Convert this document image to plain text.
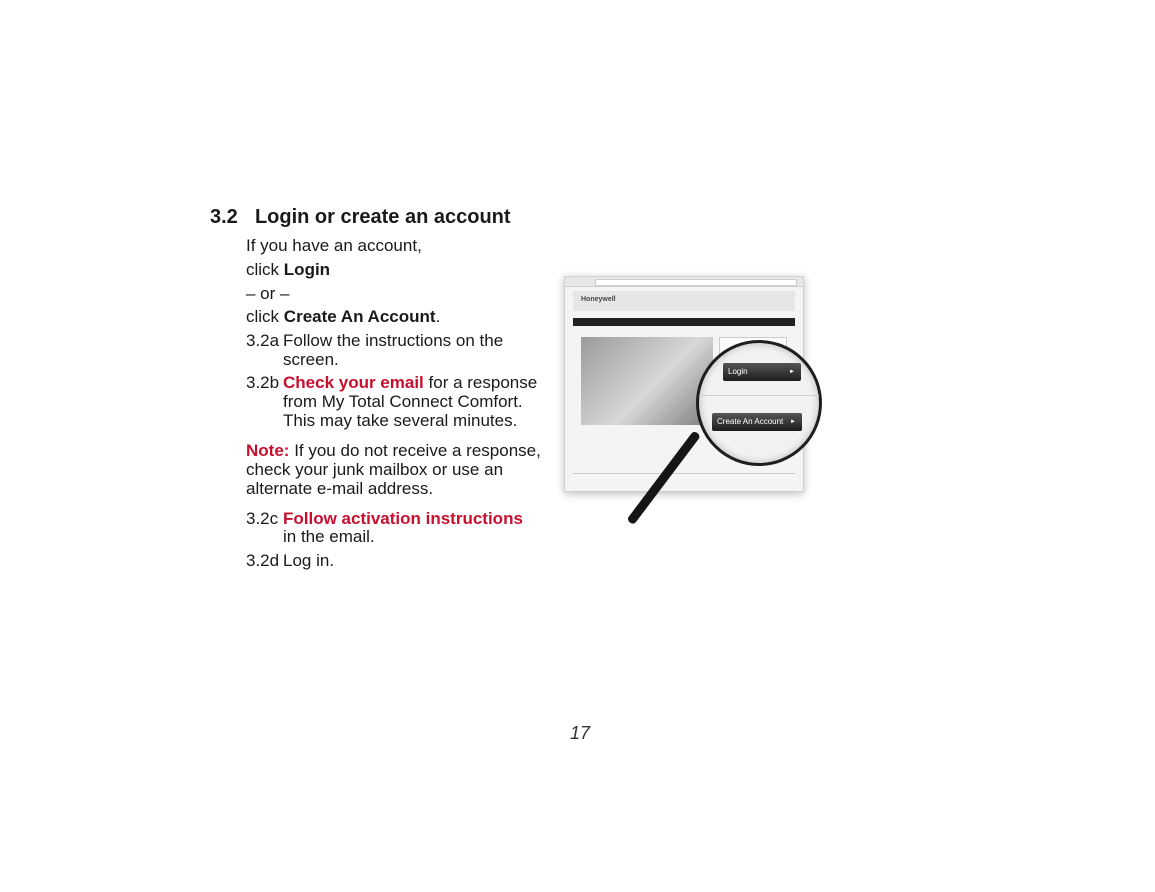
3.2 Login or create an account
If you have an account,
click Login
– or –
click Create An Account.
3.2a Follow the instructions on the
screen.
3.2b Check your email for a response
from My Total Connect Comfort.
This may take several minutes.
Note: If you do not receive a response,
check your junk mailbox or use an
alternate e-mail address.
3.2c Follow activation instructions
in the email.
3.2d Log in.
Honeywell
Login	►
Create An Account ►
17
